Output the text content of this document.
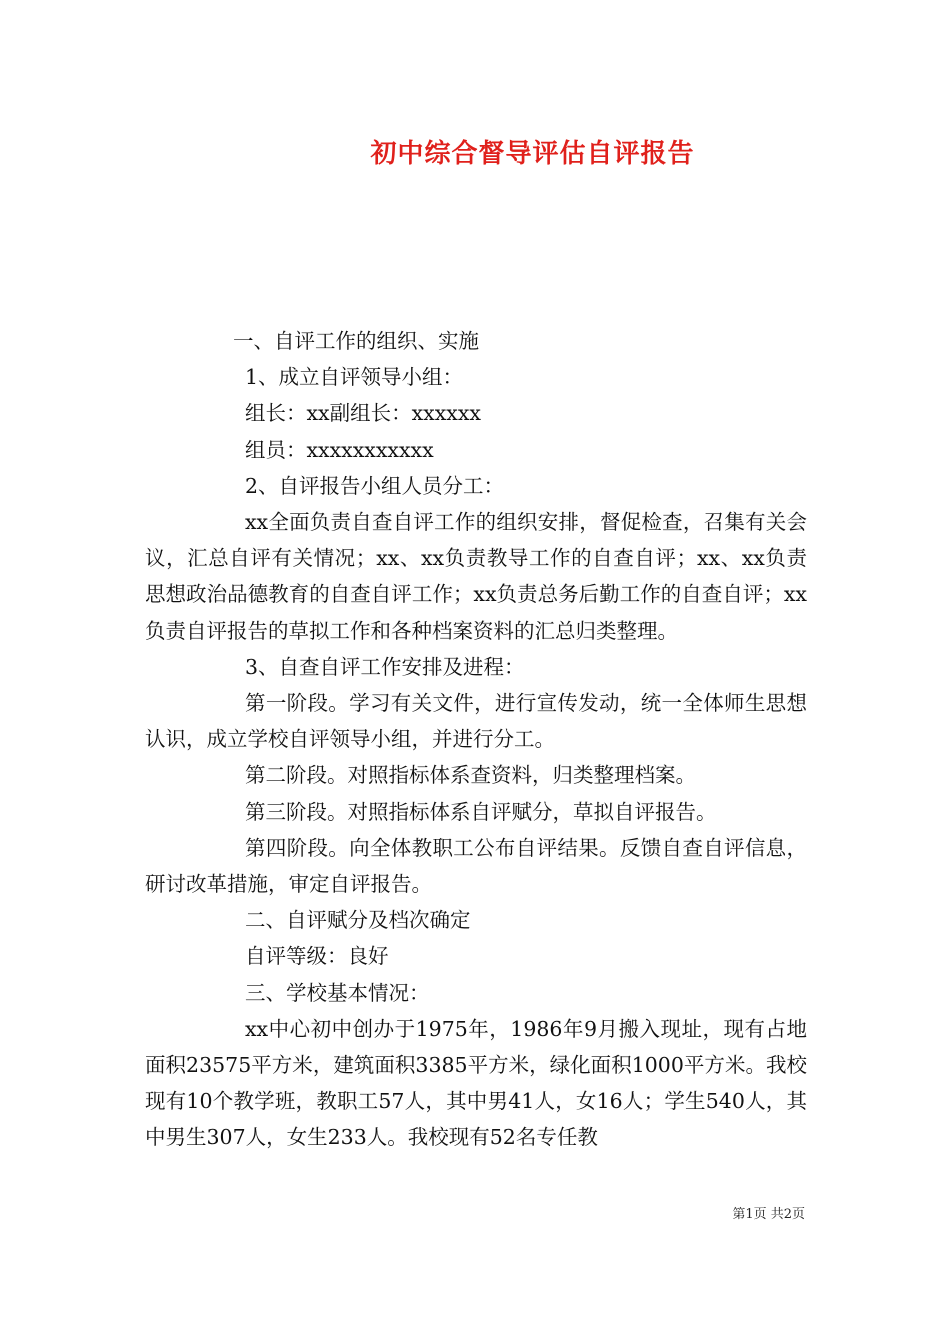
初中综合督导评估自评报告
一、自评工作的组织、实施
1、成立自评领导小组：
组长：xx副组长：xxxxxx
组员：xxxxxxxxxxx
2、自评报告小组人员分工：
xx全面负责自查自评工作的组织安排，督促检查，召集有关会议，汇总自评有关情况；xx、xx负责教导工作的自查自评；xx、xx负责思想政治品德教育的自查自评工作；xx负责总务后勤工作的自查自评；xx负责自评报告的草拟工作和各种档案资料的汇总归类整理。
3、自查自评工作安排及进程：
第一阶段。学习有关文件，进行宣传发动，统一全体师生思想认识，成立学校自评领导小组，并进行分工。
第二阶段。对照指标体系查资料，归类整理档案。
第三阶段。对照指标体系自评赋分，草拟自评报告。
第四阶段。向全体教职工公布自评结果。反馈自查自评信息，研讨改革措施，审定自评报告。
二、自评赋分及档次确定
自评等级：良好
三、学校基本情况：
xx中心初中创办于1975年，1986年9月搬入现址，现有占地面积23575平方米，建筑面积3385平方米，绿化面积1000平方米。我校现有10个教学班，教职工57人，其中男41人，女16人；学生540人，其中男生307人，女生233人。我校现有52名专任教
第1页 共2页
